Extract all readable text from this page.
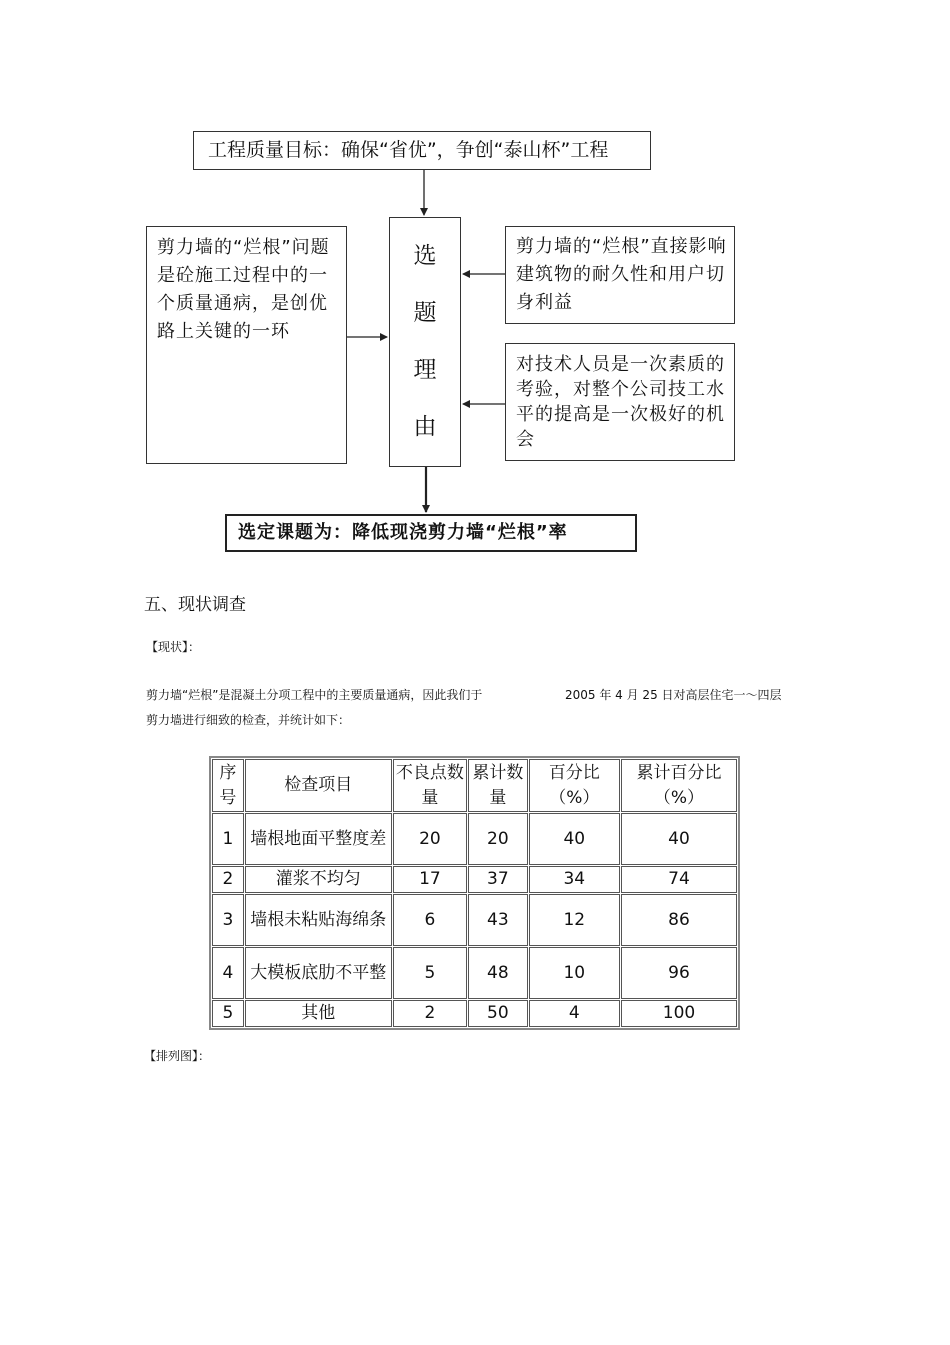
工程质量目标：确保“省优”，争创“泰山杯”工程
选
题
理
由
剪力墙的“烂根”问题是砼施工过程中的一个质量通病，是创优路上关键的一环
剪力墙的“烂根”直接影响建筑物的耐久性和用户切身利益
对技术人员是一次素质的考验，对整个公司技工水平的提高是一次极好的机会
选定课题为：降低现浇剪力墙“烂根”率
五、现状调查
【现状】：
剪力墙“烂根”是混凝土分项工程中的主要质量通病，因此我们于	2005 年 4 月 25 日对高层住宅一～四层
剪力墙进行细致的检查，并统计如下：
序号	检查项目	不良点数量	累计数量	百分比（%）	累计百分比（%）
1	墙根地面平整度差	20	20	40	40
2	灌浆不均匀	17	37	34	74
3	墙根未粘贴海绵条	6	43	12	86
4	大模板底肋不平整	5	48	10	96
5	其他	2	50	4	100
【排列图】：
